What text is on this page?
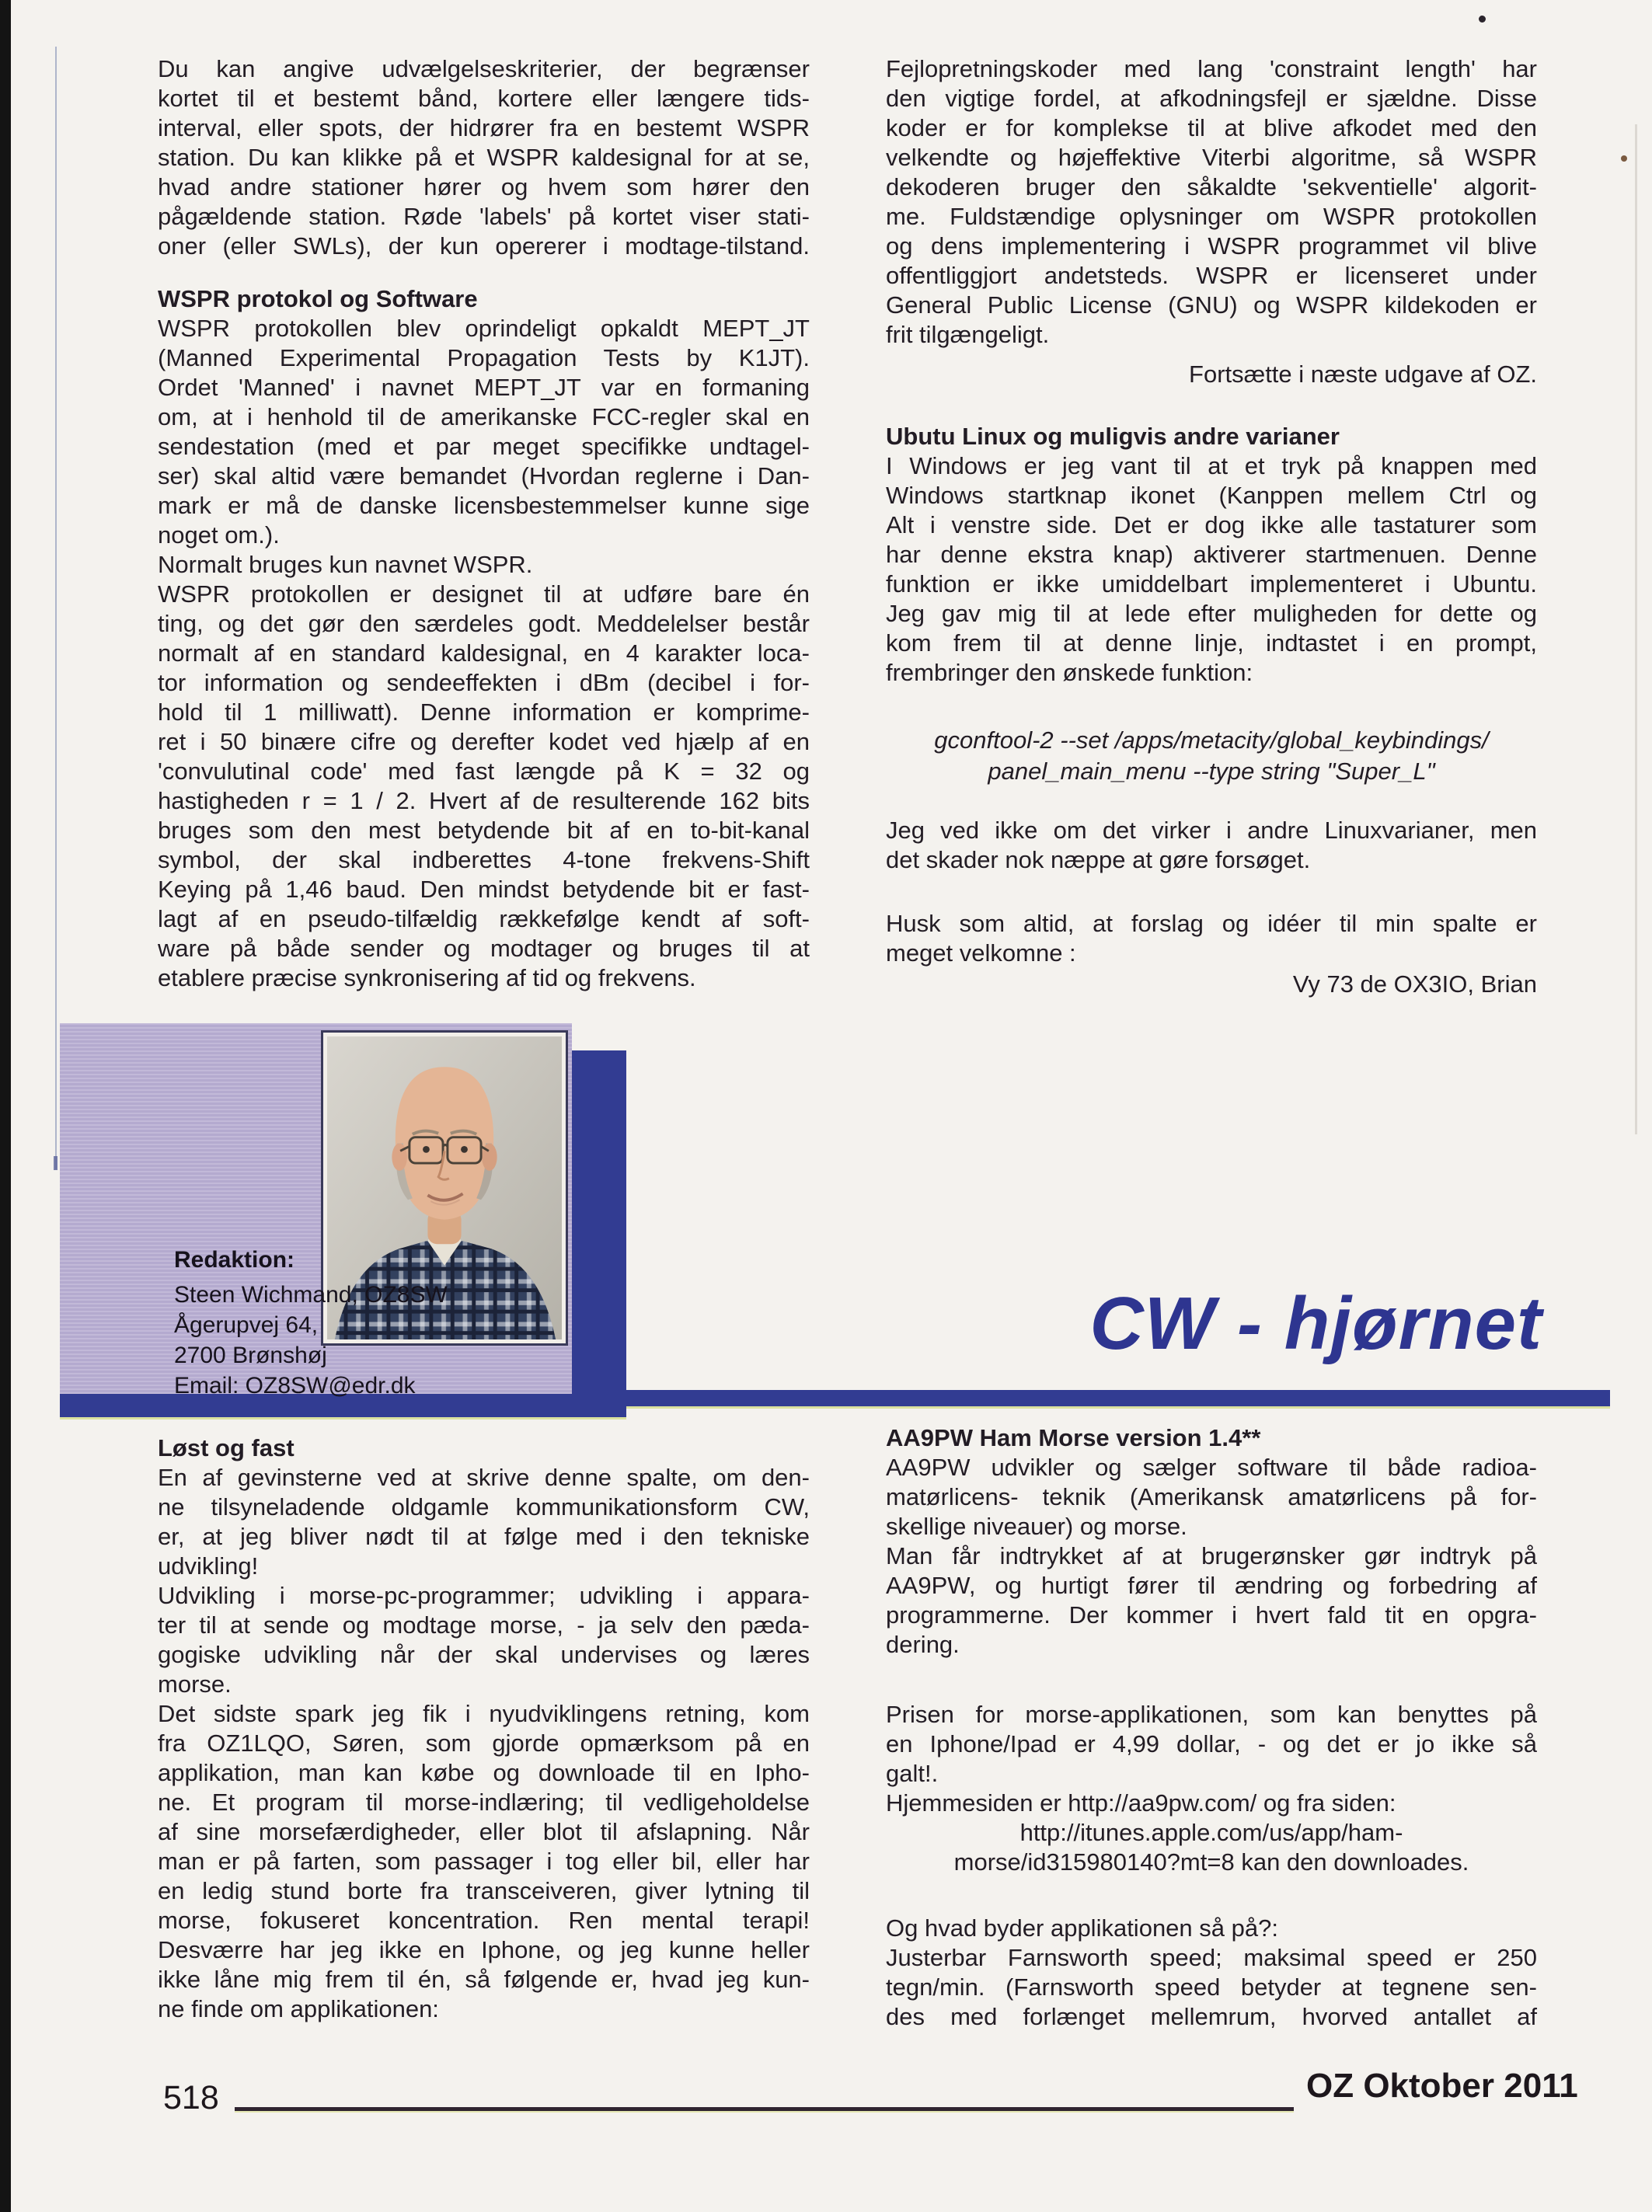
Du kan angive udvælgelseskriterier, der begrænser
kortet til et bestemt bånd, kortere eller længere tids-
interval, eller spots, der hidrører fra en bestemt WSPR
station. Du kan klikke på et WSPR kaldesignal for at se,
hvad andre stationer hører og hvem som hører den
pågældende station. Røde 'labels' på kortet viser stati-
oner (eller SWLs), der kun opererer i modtage-tilstand.
WSPR protokol og Software
WSPR protokollen blev oprindeligt opkaldt MEPT_JT
(Manned Experimental Propagation Tests by K1JT).
Ordet 'Manned' i navnet MEPT_JT var en formaning
om, at i henhold til de amerikanske FCC-regler skal en
sendestation (med et par meget specifikke undtagel-
ser) skal altid være bemandet (Hvordan reglerne i Dan-
mark er må de danske licensbestemmelser kunne sige
noget om.).
Normalt bruges kun navnet WSPR.
WSPR protokollen er designet til at udføre bare én
ting, og det gør den særdeles godt. Meddelelser består
normalt af en standard kaldesignal, en 4 karakter loca-
tor information og sendeeffekten i dBm (decibel i for-
hold til 1 milliwatt). Denne information er komprime-
ret i 50 binære cifre og derefter kodet ved hjælp af en
'convulutinal code' med fast længde på K = 32 og
hastigheden r = 1 / 2. Hvert af de resulterende 162 bits
bruges som den mest betydende bit af en to-bit-kanal
symbol, der skal indberettes 4-tone frekvens-Shift
Keying på 1,46 baud. Den mindst betydende bit er fast-
lagt af en pseudo-tilfældig rækkefølge kendt af soft-
ware på både sender og modtager og bruges til at
etablere præcise synkronisering af tid og frekvens.
Redaktion:
Steen Wichmand, OZ8SW
Ågerupvej 64,
2700 Brønshøj
Email: OZ8SW@edr.dk
Løst og fast
En af gevinsterne ved at skrive denne spalte, om den-
ne tilsyneladende oldgamle kommunikationsform CW,
er, at jeg bliver nødt til at følge med i den tekniske
udvikling!
Udvikling i morse-pc-programmer; udvikling i appara-
ter til at sende og modtage morse, - ja selv den pæda-
gogiske udvikling når der skal undervises og læres
morse.
Det sidste spark jeg fik i nyudviklingens retning, kom
fra OZ1LQO, Søren, som gjorde opmærksom på en
applikation, man kan købe og downloade til en Ipho-
ne. Et program til morse-indlæring; til vedligeholdelse
af sine morsefærdigheder, eller blot til afslapning. Når
man er på farten, som passager i tog eller bil, eller har
en ledig stund borte fra transceiveren, giver lytning til
morse, fokuseret koncentration. Ren mental terapi!
Desværre har jeg ikke en Iphone, og jeg kunne heller
ikke låne mig frem til én, så følgende er, hvad jeg kun-
ne finde om applikationen:
Fejlopretningskoder med lang 'constraint length' har
den vigtige fordel, at afkodningsfejl er sjældne. Disse
koder er for komplekse til at blive afkodet med den
velkendte og højeffektive Viterbi algoritme, så WSPR
dekoderen bruger den såkaldte 'sekventielle' algorit-
me. Fuldstændige oplysninger om WSPR protokollen
og dens implementering i WSPR programmet vil blive
offentliggjort andetsteds. WSPR er licenseret under
General Public License (GNU) og WSPR kildekoden er
frit tilgængeligt.
Fortsætte i næste udgave af OZ.
Ubutu Linux og muligvis andre varianer
I Windows er jeg vant til at et tryk på knappen med
Windows startknap ikonet (Kanppen mellem Ctrl og
Alt i venstre side. Det er dog ikke alle tastaturer som
har denne ekstra knap) aktiverer startmenuen. Denne
funktion er ikke umiddelbart implementeret i Ubuntu.
Jeg gav mig til at lede efter muligheden for dette og
kom frem til at denne linje, indtastet i en prompt,
frembringer den ønskede funktion:
gconftool-2 --set /apps/metacity/global_keybindings/
panel_main_menu --type string "Super_L"
Jeg ved ikke om det virker i andre Linuxvarianer, men
det skader nok næppe at gøre forsøget.
Husk som altid, at forslag og idéer til min spalte er
meget velkomne :
Vy 73 de OX3IO, Brian
CW - hjørnet
AA9PW Ham Morse version 1.4**
AA9PW udvikler og sælger software til både radioa-
matørlicens- teknik (Amerikansk amatørlicens på for-
skellige niveauer) og morse.
Man får indtrykket af at brugerønsker gør indtryk på
AA9PW, og hurtigt fører til ændring og forbedring af
programmerne. Der kommer i hvert fald tit en opgra-
dering.
Prisen for morse-applikationen, som kan benyttes på
en Iphone/Ipad er 4,99 dollar, - og det er jo ikke så
galt!.
Hjemmesiden er http://aa9pw.com/ og fra siden:
http://itunes.apple.com/us/app/ham-
morse/id315980140?mt=8 kan den downloades.
Og hvad byder applikationen så på?:
Justerbar Farnsworth speed; maksimal speed er 250
tegn/min. (Farnsworth speed betyder at tegnene sen-
des med forlænget mellemrum, hvorved antallet af
518	OZ Oktober 2011
